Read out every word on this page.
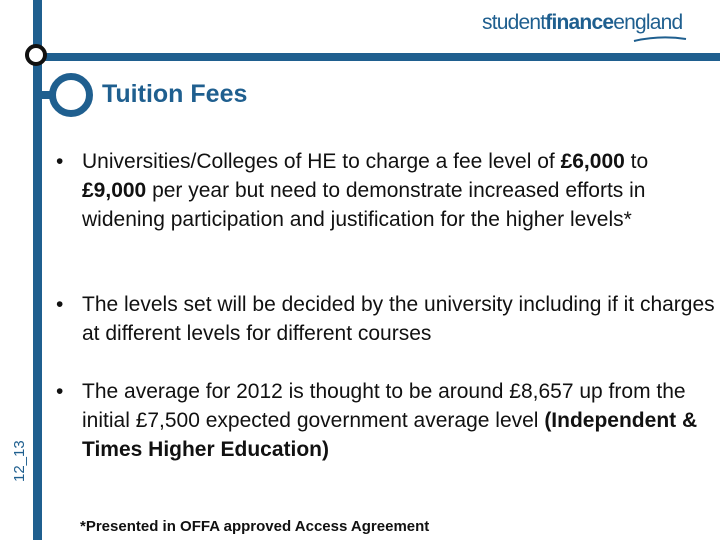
studentfinanceengland
Tuition Fees
12_13
• Universities/Colleges of HE to charge a fee level of £6,000 to £9,000 per year but need to demonstrate increased efforts in widening participation and justification for the higher levels*
• The levels set will be decided by the university including if it charges at different levels for different courses
• The average for 2012 is thought to be around £8,657 up from the initial £7,500 expected government average level (Independent & Times Higher Education)
*Presented in OFFA approved Access Agreement
